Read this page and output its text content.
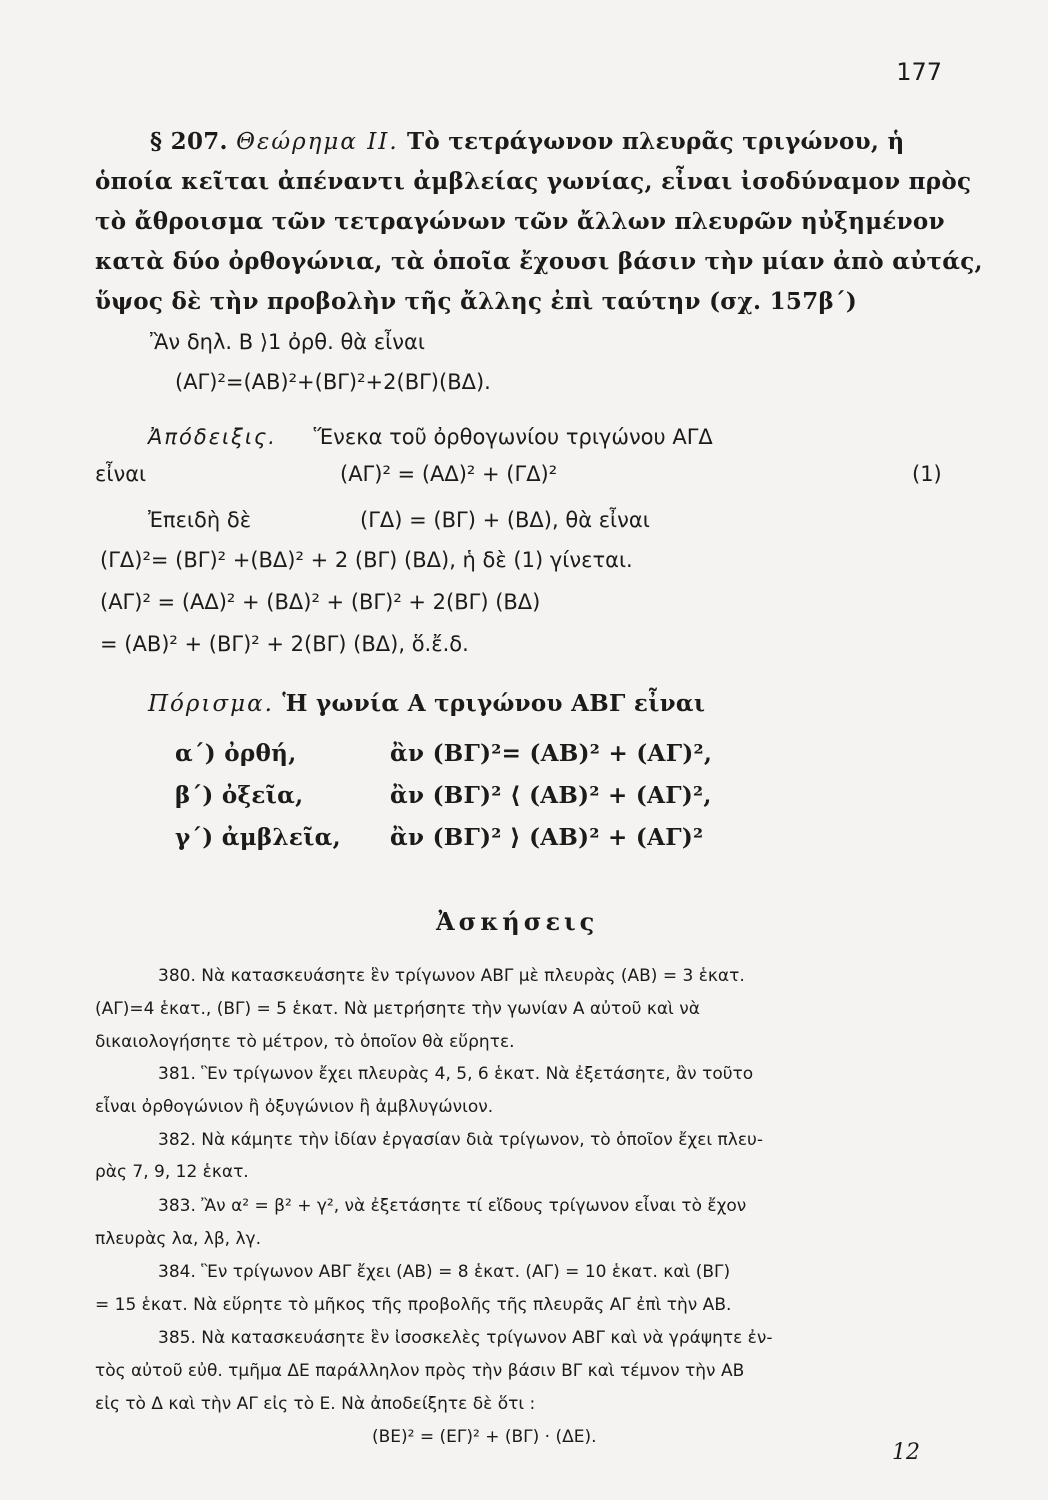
177
§ 207. Θεώρημα ΙΙ. Τὸ τετράγωνον πλευρᾶς τριγώνου, ἡ
ὁποία κεῖται ἀπέναντι ἀμβλείας γωνίας, εἶναι ἰσοδύναμον πρὸς
τὸ ἄθροισμα τῶν τετραγώνων τῶν ἄλλων πλευρῶν ηὐξημένον
κατὰ δύο ὀρθογώνια, τὰ ὁποῖα ἔχουσι βάσιν τὴν μίαν ἀπὸ αὐτάς,
ὕψος δὲ τὴν προβολὴν τῆς ἄλλης ἐπὶ ταύτην (σχ. 157β΄)
Ἂν δηλ. Β ⟩1 ὀρθ. θὰ εἶναι
(ΑΓ)²=(ΑΒ)²+(ΒΓ)²+2(ΒΓ)(ΒΔ).
Ἀπόδειξις. Ἕνεκα τοῦ ὀρθογωνίου τριγώνου ΑΓΔ
εἶναι	(ΑΓ)² = (ΑΔ)² + (ΓΔ)²	(1)
Ἐπειδὴ δὲ	(ΓΔ) = (ΒΓ) + (ΒΔ), θὰ εἶναι
(ΓΔ)²= (ΒΓ)² +(ΒΔ)² + 2 (ΒΓ) (ΒΔ), ἡ δὲ (1) γίνεται.
(ΑΓ)² = (ΑΔ)² + (ΒΔ)² + (ΒΓ)² + 2(ΒΓ) (ΒΔ)
= (ΑΒ)² + (ΒΓ)² + 2(ΒΓ) (ΒΔ), ὅ.ἔ.δ.
Πόρισμα. Ἡ γωνία Α τριγώνου ΑΒΓ εἶναι
α΄) ὀρθή,	ἂν (ΒΓ)²= (ΑΒ)² + (ΑΓ)²,
β΄) ὀξεῖα,	ἂν (ΒΓ)² ⟨ (ΑΒ)² + (ΑΓ)²,
γ΄) ἀμβλεῖα, ἂν (ΒΓ)² ⟩ (ΑΒ)² + (ΑΓ)²
Ἀσκήσεις
380. Νὰ κατασκευάσητε ἓν τρίγωνον ΑΒΓ μὲ πλευρὰς (ΑΒ) = 3 ἑκατ.
(ΑΓ)=4 ἑκατ., (ΒΓ) = 5 ἑκατ. Νὰ μετρήσητε τὴν γωνίαν Α αὐτοῦ καὶ νὰ
δικαιολογήσητε τὸ μέτρον, τὸ ὁποῖον θὰ εὕρητε.
381. Ἓν τρίγωνον ἔχει πλευρὰς 4, 5, 6 ἑκατ. Νὰ ἐξετάσητε, ἂν τοῦτο
εἶναι ὀρθογώνιον ἢ ὀξυγώνιον ἢ ἀμβλυγώνιον.
382. Νὰ κάμητε τὴν ἰδίαν ἐργασίαν διὰ τρίγωνον, τὸ ὁποῖον ἔχει πλευ-
ρὰς 7, 9, 12 ἑκατ.
383. Ἂν α² = β² + γ², νὰ ἐξετάσητε τί εἴδους τρίγωνον εἶναι τὸ ἔχον
πλευρὰς λα, λβ, λγ.
384. Ἓν τρίγωνον ΑΒΓ ἔχει (ΑΒ) = 8 ἑκατ. (ΑΓ) = 10 ἑκατ. καὶ (ΒΓ)
= 15 ἑκατ. Νὰ εὕρητε τὸ μῆκος τῆς προβολῆς τῆς πλευρᾶς ΑΓ ἐπὶ τὴν ΑΒ.
385. Νὰ κατασκευάσητε ἓν ἰσοσκελὲς τρίγωνον ΑΒΓ καὶ νὰ γράψητε ἐν-
τὸς αὐτοῦ εὐθ. τμῆμα ΔΕ παράλληλον πρὸς τὴν βάσιν ΒΓ καὶ τέμνον τὴν ΑΒ
εἰς τὸ Δ καὶ τὴν ΑΓ εἰς τὸ Ε. Νὰ ἀποδείξητε δὲ ὅτι :
(ΒΕ)² = (ΕΓ)² + (ΒΓ) · (ΔΕ).
12
